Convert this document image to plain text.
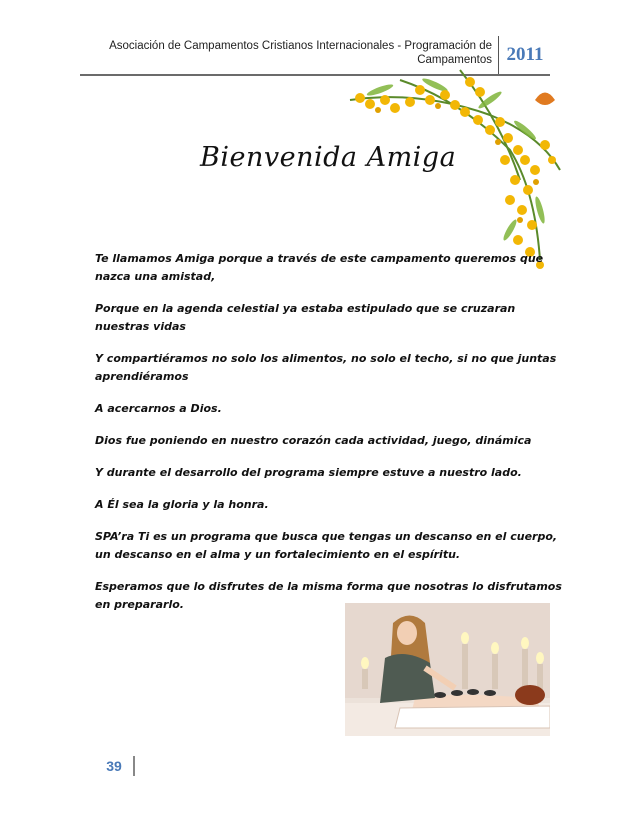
Asociación de Campamentos Cristianos Internacionales - Programación de
Campamentos 2011
Bienvenida Amiga

Te llamamos Amiga porque a través de este campamento queremos que nazca una amistad,

Porque en la agenda celestial ya estaba estipulado que se cruzaran nuestras vidas

Y compartiéramos no solo los alimentos, no solo el techo, si no que juntas aprendiéramos

A acercarnos a Dios.

Dios fue poniendo en nuestro corazón cada actividad, juego, dinámica

Y durante el desarrollo del programa siempre estuve a nuestro lado.

A Él sea la gloria y la honra.

SPA’ra Ti es un programa que busca que tengas un descanso en el cuerpo, un descanso en el alma y un fortalecimiento en el espíritu.

Esperamos que lo disfrutes de la misma forma que nosotras lo disfrutamos en prepararlo.

39
